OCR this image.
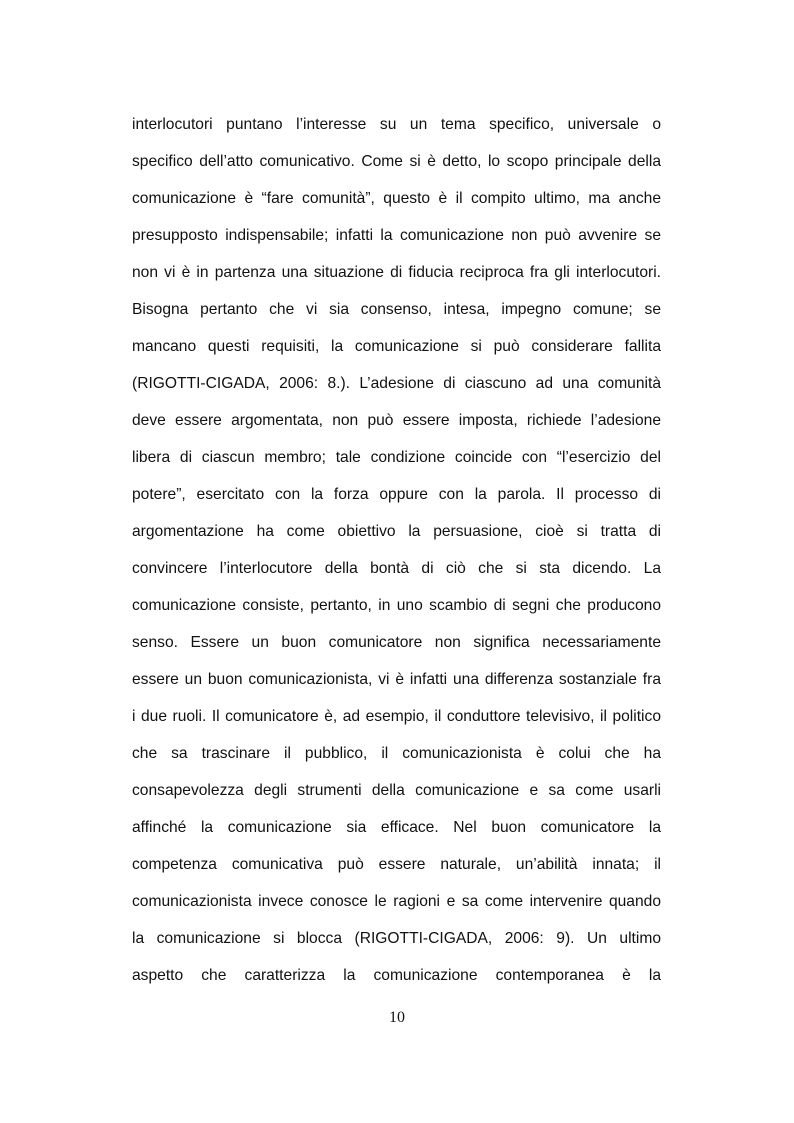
interlocutori puntano l’interesse su un tema specifico, universale o
specifico dell’atto comunicativo. Come si è detto, lo scopo principale della
comunicazione è “fare comunità”, questo è il compito ultimo, ma anche
presupposto indispensabile; infatti la comunicazione non può avvenire se
non vi è in partenza una situazione di fiducia reciproca fra gli interlocutori.
Bisogna pertanto che vi sia consenso, intesa, impegno comune; se
mancano questi requisiti, la comunicazione si può considerare fallita
(RIGOTTI-CIGADA, 2006: 8.). L’adesione di ciascuno ad una comunità
deve essere argomentata, non può essere imposta, richiede l’adesione
libera di ciascun membro; tale condizione coincide con “l’esercizio del
potere”, esercitato con la forza oppure con la parola. Il processo di
argomentazione ha come obiettivo la persuasione, cioè si tratta di
convincere l’interlocutore della bontà di ciò che si sta dicendo. La
comunicazione consiste, pertanto, in uno scambio di segni che producono
senso. Essere un buon comunicatore non significa necessariamente
essere un buon comunicazionista, vi è infatti una differenza sostanziale fra
i due ruoli. Il comunicatore è, ad esempio, il conduttore televisivo, il politico
che sa trascinare il pubblico, il comunicazionista è colui che ha
consapevolezza degli strumenti della comunicazione e sa come usarli
affinché la comunicazione sia efficace. Nel buon comunicatore la
competenza comunicativa può essere naturale, un’abilità innata; il
comunicazionista invece conosce le ragioni e sa come intervenire quando
la comunicazione si blocca (RIGOTTI-CIGADA, 2006: 9). Un ultimo
aspetto che caratterizza la comunicazione contemporanea è la
10
